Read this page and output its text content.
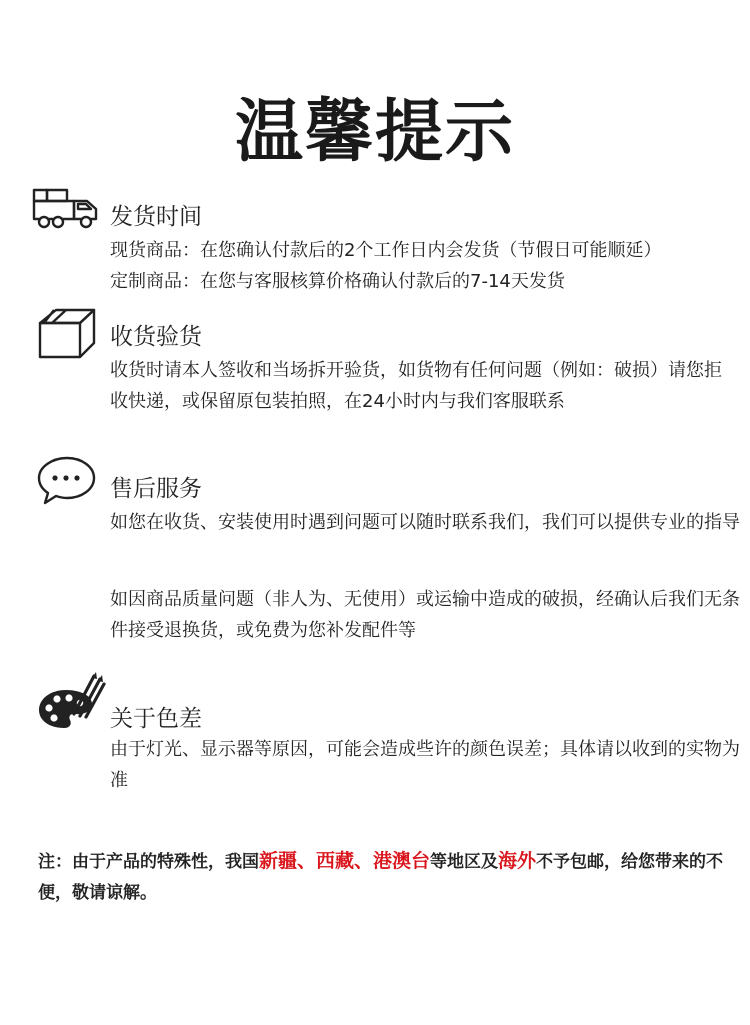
温馨提示
发货时间
现货商品：在您确认付款后的2个工作日内会发货（节假日可能顺延）
定制商品：在您与客服核算价格确认付款后的7-14天发货
收货验货
收货时请本人签收和当场拆开验货，如货物有任何问题（例如：破损）请您拒收快递，或保留原包装拍照，在24小时内与我们客服联系
售后服务
如您在收货、安装使用时遇到问题可以随时联系我们，我们可以提供专业的指导
如因商品质量问题（非人为、无使用）或运输中造成的破损，经确认后我们无条件接受退换货，或免费为您补发配件等
关于色差
由于灯光、显示器等原因，可能会造成些许的颜色误差；具体请以收到的实物为准
注：由于产品的特殊性，我国新疆、西藏、港澳台等地区及海外不予包邮，给您带来的不便，敬请谅解。
